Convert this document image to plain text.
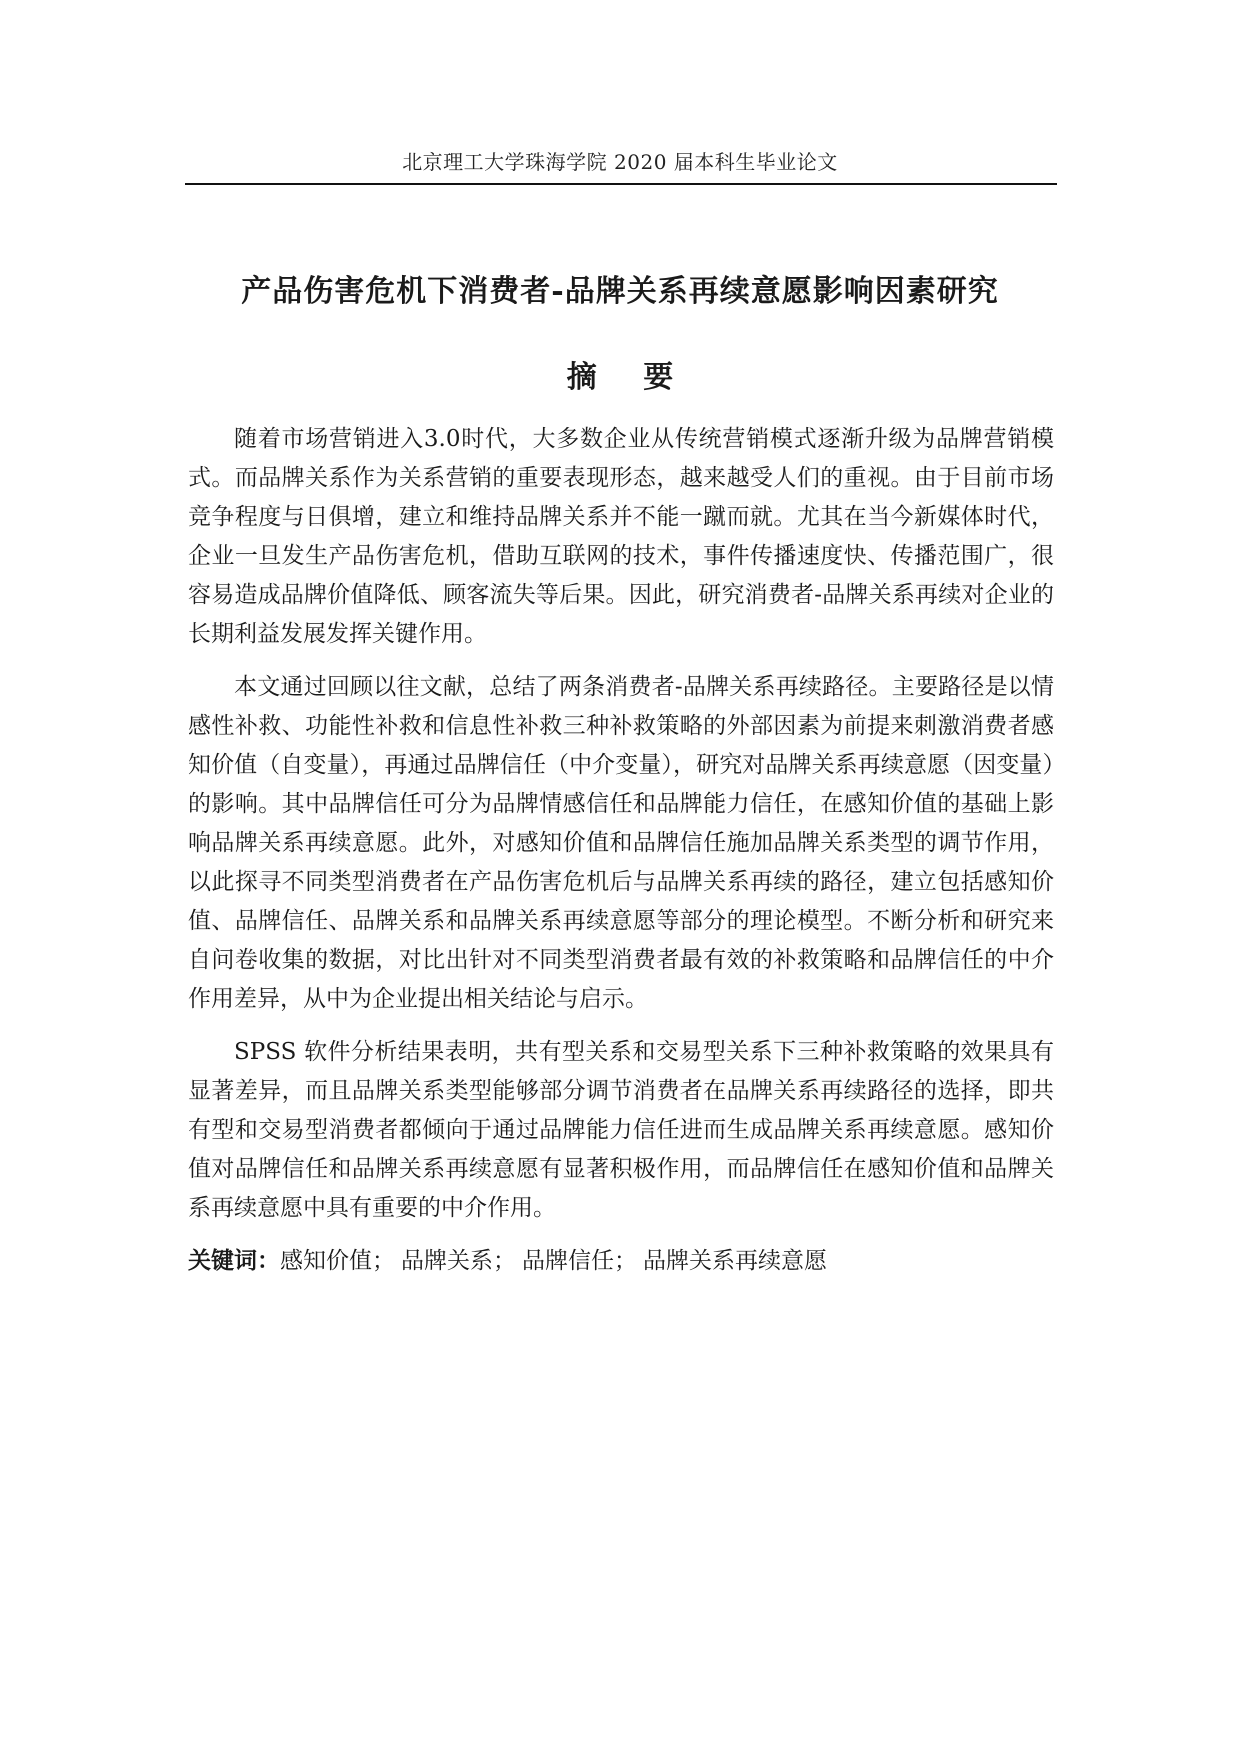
北京理工大学珠海学院 2020 届本科生毕业论文
产品伤害危机下消费者-品牌关系再续意愿影响因素研究
摘 要

随着市场营销进入3.0时代，大多数企业从传统营销模式逐渐升级为品牌营销模式。而品牌关系作为关系营销的重要表现形态，越来越受人们的重视。由于目前市场竞争程度与日俱增，建立和维持品牌关系并不能一蹴而就。尤其在当今新媒体时代，企业一旦发生产品伤害危机，借助互联网的技术，事件传播速度快、传播范围广，很容易造成品牌价值降低、顾客流失等后果。因此，研究消费者-品牌关系再续对企业的长期利益发展发挥关键作用。

本文通过回顾以往文献，总结了两条消费者-品牌关系再续路径。主要路径是以情感性补救、功能性补救和信息性补救三种补救策略的外部因素为前提来刺激消费者感知价值（自变量），再通过品牌信任（中介变量），研究对品牌关系再续意愿（因变量）的影响。其中品牌信任可分为品牌情感信任和品牌能力信任，在感知价值的基础上影响品牌关系再续意愿。此外，对感知价值和品牌信任施加品牌关系类型的调节作用，以此探寻不同类型消费者在产品伤害危机后与品牌关系再续的路径，建立包括感知价值、品牌信任、品牌关系和品牌关系再续意愿等部分的理论模型。不断分析和研究来自问卷收集的数据，对比出针对不同类型消费者最有效的补救策略和品牌信任的中介作用差异，从中为企业提出相关结论与启示。

SPSS 软件分析结果表明，共有型关系和交易型关系下三种补救策略的效果具有显著差异，而且品牌关系类型能够部分调节消费者在品牌关系再续路径的选择，即共有型和交易型消费者都倾向于通过品牌能力信任进而生成品牌关系再续意愿。感知价值对品牌信任和品牌关系再续意愿有显著积极作用，而品牌信任在感知价值和品牌关系再续意愿中具有重要的中介作用。

关键词：感知价值； 品牌关系； 品牌信任； 品牌关系再续意愿
